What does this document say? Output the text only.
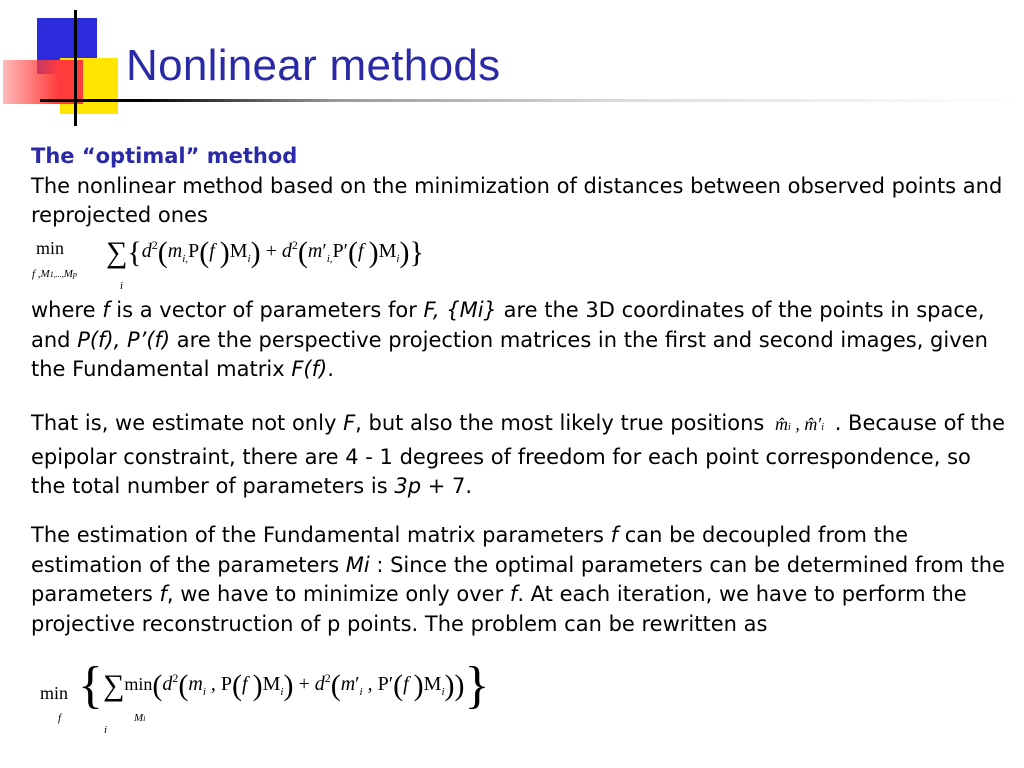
Nonlinear methods

The “optimal” method
The nonlinear method based on the minimization of distances between observed points and reprojected ones

min
f ,M1,...,Mp
$\sum\{d^2(m_{i,}P(f$ )$M_i) + d^2(m'_{i,}P'(f$ )$M_i$)}
i

where f is a vector of parameters for F, {Mi} are the 3D coordinates of the points in space, and P(f), P’(f) are the perspective projection matrices in the first and second images, given the Fundamental matrix F(f).

That is, we estimate not only F, but also the most likely true positions m̂i , m̂′i . Because of the epipolar constraint, there are 4 - 1 degrees of freedom for each point correspondence, so the total number of parameters is 3p + 7.

The estimation of the Fundamental matrix parameters f can be decoupled from the estimation of the parameters Mi : Since the optimal parameters can be determined from the parameters f, we have to minimize only over f. At each iteration, we have to perform the projective reconstruction of p points. The problem can be rewritten as

min
f
{$\sum\min(d^2(m_i$ , P(f )$M_i) + d^2(m'_i$ , P′(f )$M_i$))}
i
Mi
